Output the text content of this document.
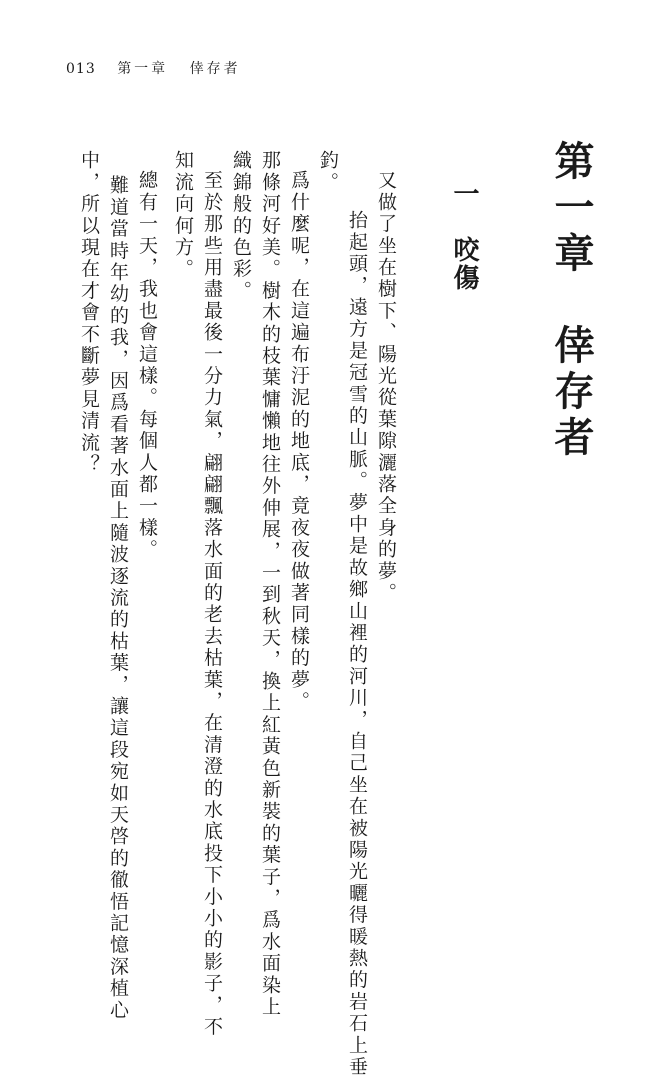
013 第一章 倖存者
第一章　倖存者
一　咬傷
又做了坐在樹下、陽光從葉隙灑落全身的夢。
抬起頭，遠方是冠雪的山脈。夢中是故鄉山裡的河川，自己坐在被陽光曬得暖熱的岩石上垂
釣。
爲什麼呢，在這遍布汙泥的地底，竟夜夜做著同樣的夢。
那條河好美。樹木的枝葉慵懶地往外伸展，一到秋天，換上紅黃色新裝的葉子，爲水面染上
織錦般的色彩。
至於那些用盡最後一分力氣，翩翩飄落水面的老去枯葉，在清澄的水底投下小小的影子，不
知流向何方。
總有一天，我也會這樣。每個人都一樣。
難道當時年幼的我，因爲看著水面上隨波逐流的枯葉，讓這段宛如天啓的徹悟記憶深植心
中，所以現在才會不斷夢見清流？
